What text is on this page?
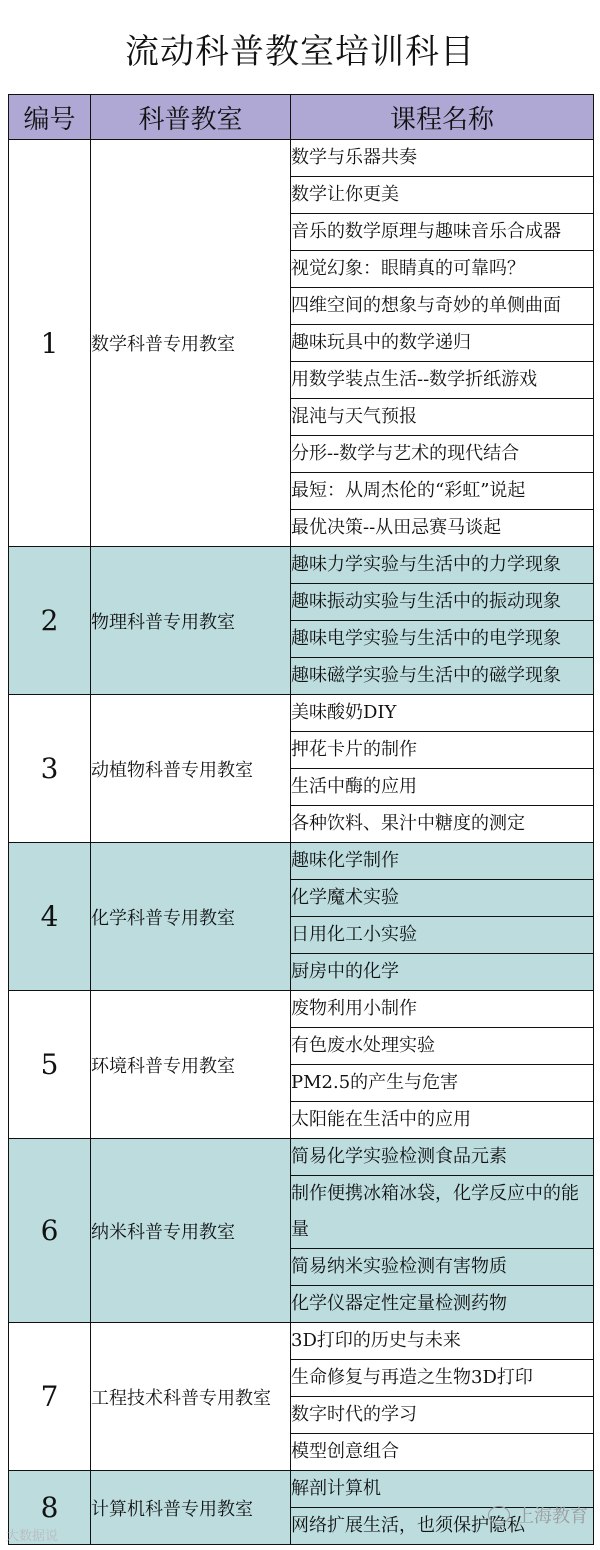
流动科普教室培训科目
编号	科普教室	课程名称
1	数学科普专用教室	数学与乐器共奏
		数学让你更美
		音乐的数学原理与趣味音乐合成器
		视觉幻象：眼睛真的可靠吗？
		四维空间的想象与奇妙的单侧曲面
		趣味玩具中的数学递归
		用数学装点生活--数学折纸游戏
		混沌与天气预报
		分形--数学与艺术的现代结合
		最短：从周杰伦的“彩虹”说起
		最优决策--从田忌赛马谈起
2	物理科普专用教室	趣味力学实验与生活中的力学现象
		趣味振动实验与生活中的振动现象
		趣味电学实验与生活中的电学现象
		趣味磁学实验与生活中的磁学现象
3	动植物科普专用教室	美味酸奶DIY
		押花卡片的制作
		生活中酶的应用
		各种饮料、果汁中糖度的测定
4	化学科普专用教室	趣味化学制作
		化学魔术实验
		日用化工小实验
		厨房中的化学
5	环境科普专用教室	废物利用小制作
		有色废水处理实验
		PM2.5的产生与危害
		太阳能在生活中的应用
6	纳米科普专用教室	简易化学实验检测食品元素
		制作便携冰箱冰袋，化学反应中的能量
		简易纳米实验检测有害物质
		化学仪器定性定量检测药物
7	工程技术科普专用教室	3D打印的历史与未来
		生命修复与再造之生物3D打印
		数字时代的学习
		模型创意组合
8	计算机科普专用教室	解剖计算机
		网络扩展生活，也须保护隐私
大数据说
上海教育
